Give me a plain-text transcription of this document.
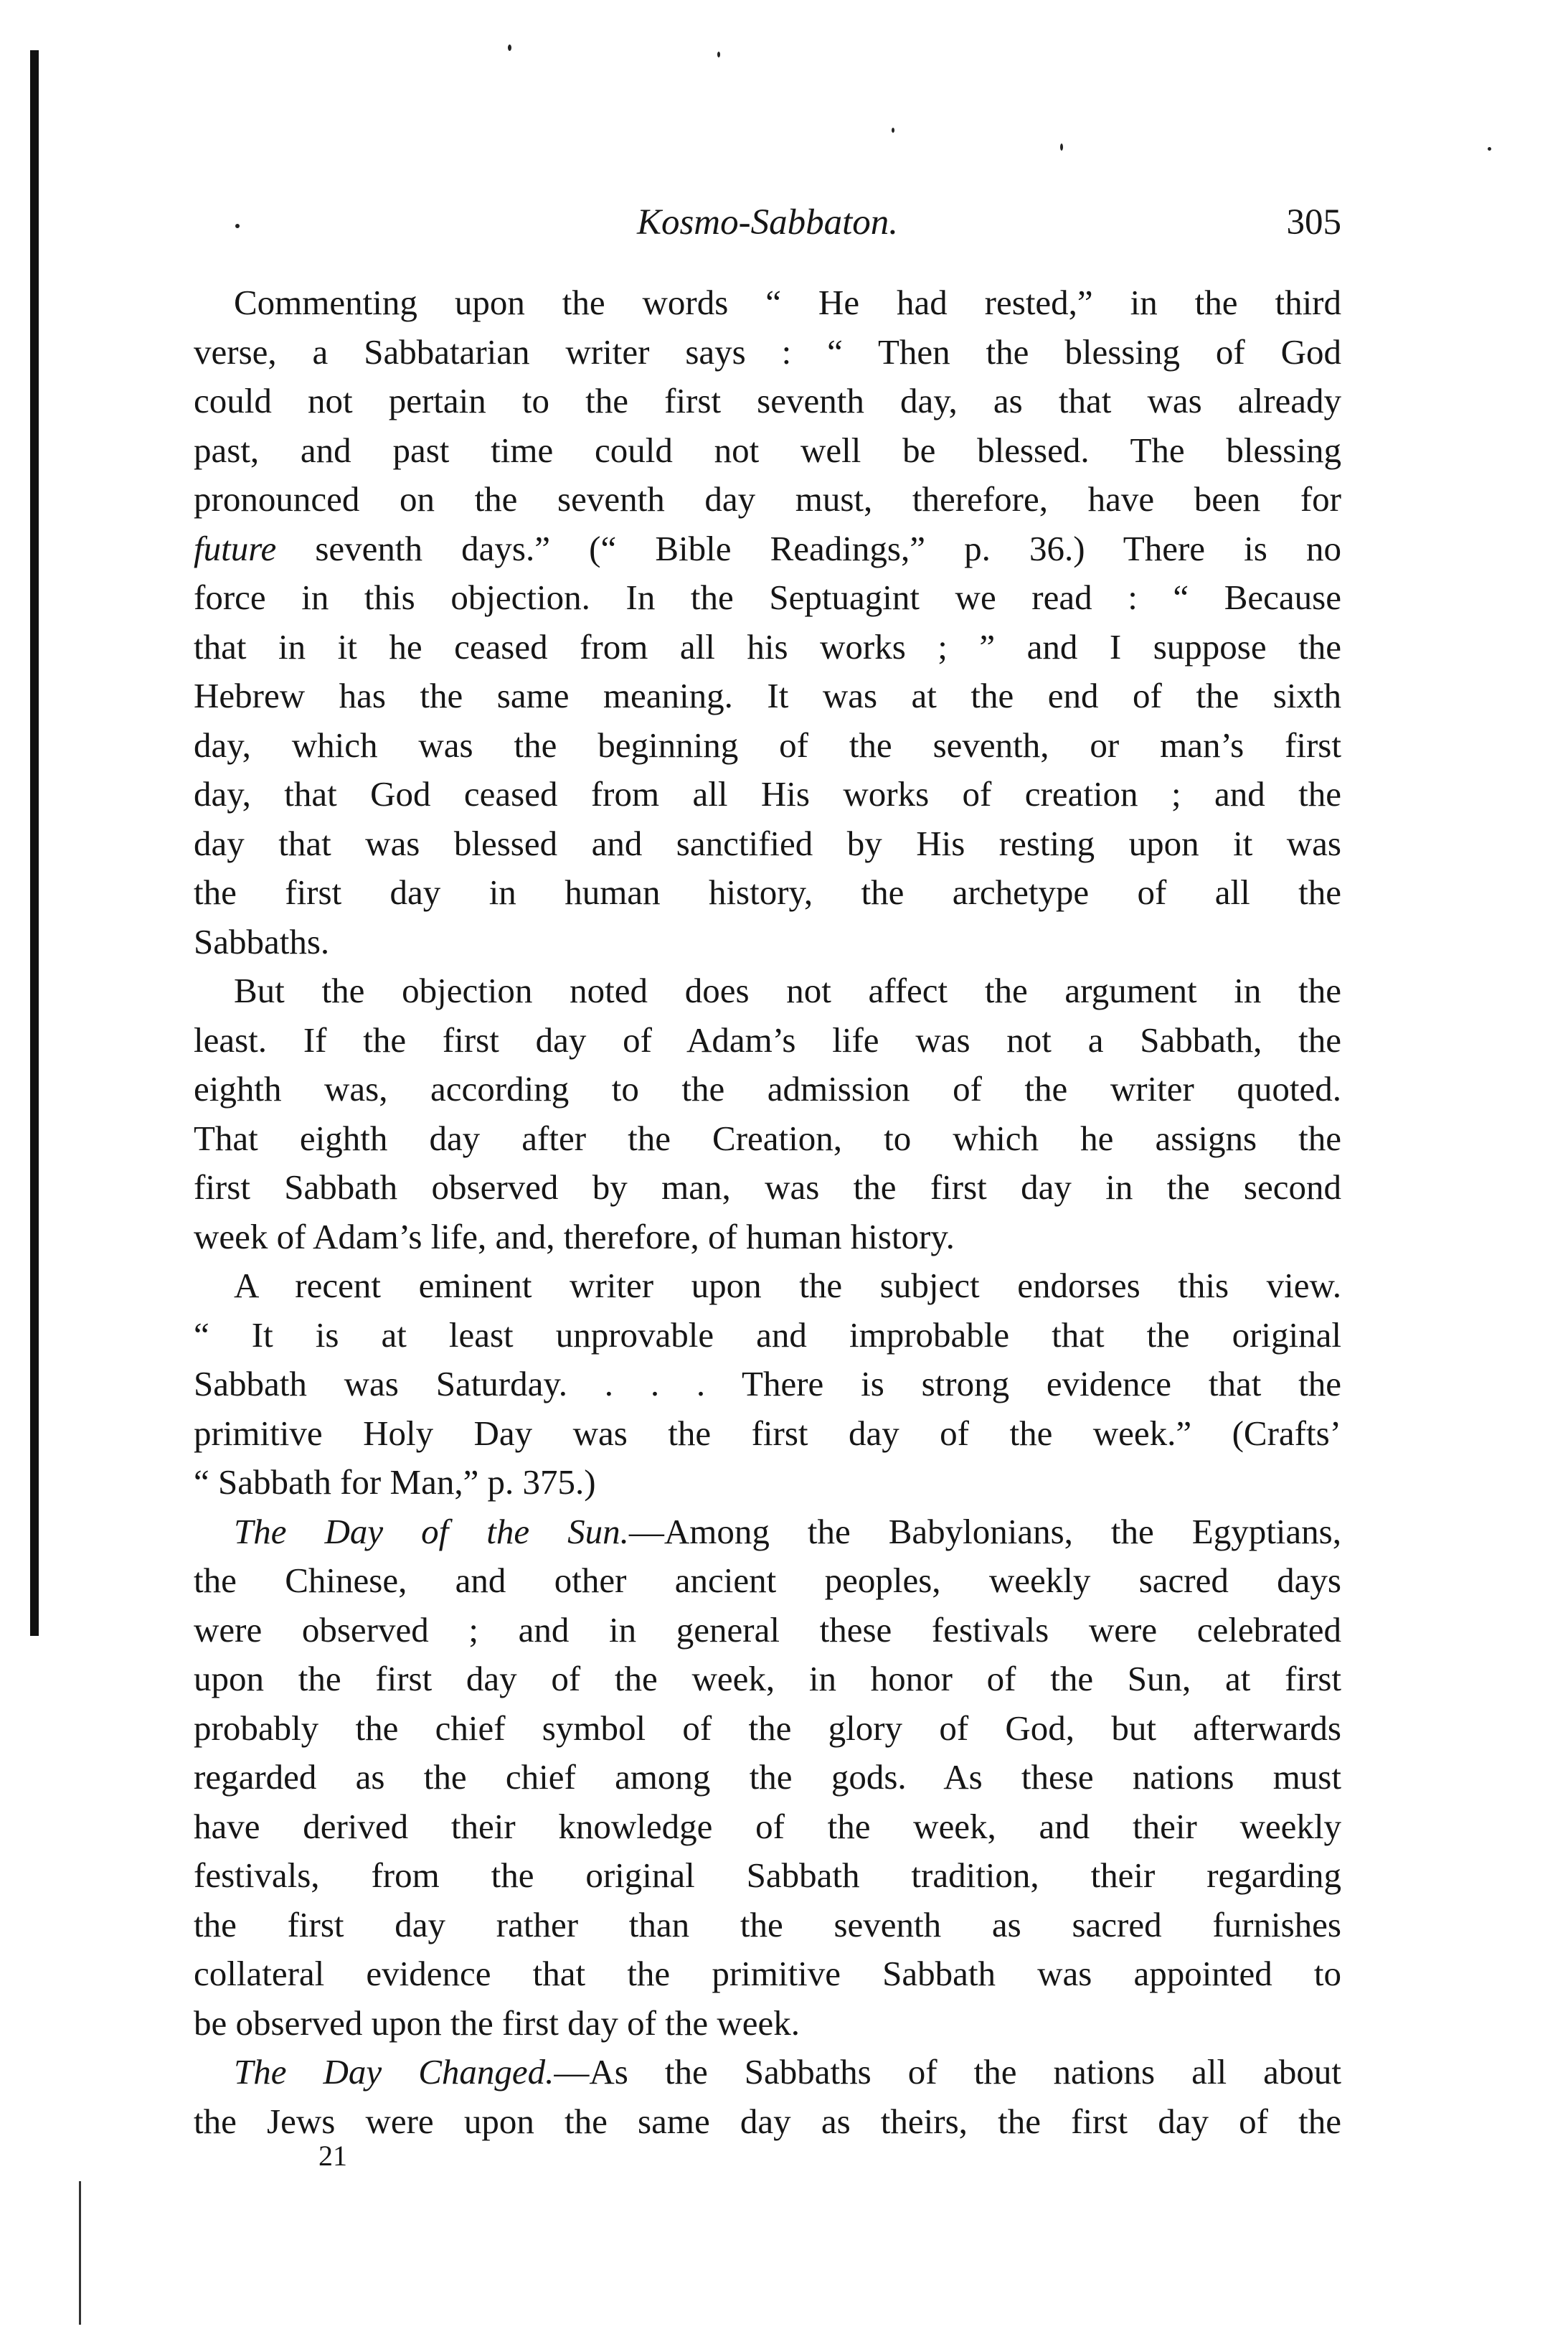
Kosmo-Sabbaton.	305
Commenting upon the words “ He had rested,” in the third
verse, a Sabbatarian writer says : “ Then the blessing of God
could not pertain to the first seventh day, as that was already
past, and past time could not well be blessed. The blessing
pronounced on the seventh day must, therefore, have been for
future seventh days.” (“ Bible Readings,” p. 36.) There is no
force in this objection. In the Septuagint we read : “ Because
that in it he ceased from all his works ; ” and I suppose the
Hebrew has the same meaning. It was at the end of the sixth
day, which was the beginning of the seventh, or man’s first
day, that God ceased from all His works of creation ; and the
day that was blessed and sanctified by His resting upon it was
the first day in human history, the archetype of all the
Sabbaths.
But the objection noted does not affect the argument in the
least. If the first day of Adam’s life was not a Sabbath, the
eighth was, according to the admission of the writer quoted.
That eighth day after the Creation, to which he assigns the
first Sabbath observed by man, was the first day in the second
week of Adam’s life, and, therefore, of human history.
A recent eminent writer upon the subject endorses this view.
“ It is at least unprovable and improbable that the original
Sabbath was Saturday. . . . There is strong evidence that the
primitive Holy Day was the first day of the week.” (Crafts’
“ Sabbath for Man,” p. 375.)
The Day of the Sun.—Among the Babylonians, the Egyptians,
the Chinese, and other ancient peoples, weekly sacred days
were observed ; and in general these festivals were celebrated
upon the first day of the week, in honor of the Sun, at first
probably the chief symbol of the glory of God, but afterwards
regarded as the chief among the gods. As these nations must
have derived their knowledge of the week, and their weekly
festivals, from the original Sabbath tradition, their regarding
the first day rather than the seventh as sacred furnishes
collateral evidence that the primitive Sabbath was appointed to
be observed upon the first day of the week.
The Day Changed.—As the Sabbaths of the nations all about
the Jews were upon the same day as theirs, the first day of the
21
